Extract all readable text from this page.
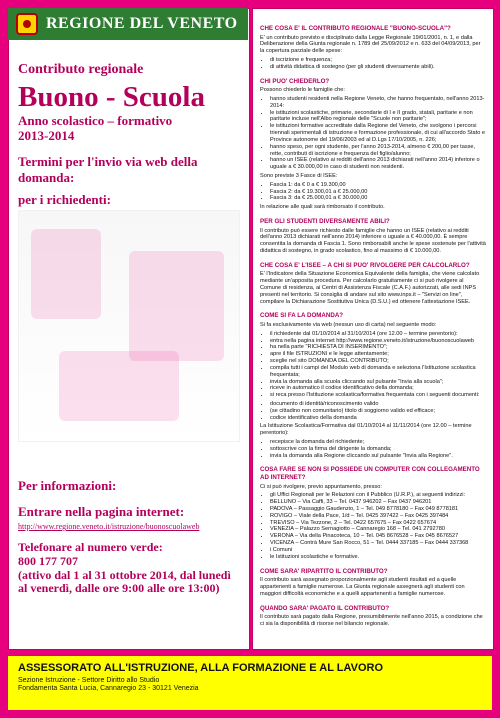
REGIONE DEL VENETO

Contributo regionale

Buono - Scuola

Anno scolastico – formativo
2013-2014

Termini per l'invio via web della domanda:
per i richiedenti:
Per informazioni:

Entrare nella pagina internet:

http://www.regione.veneto.it/istruzione/buonoscuolaweb

Telefonare al numero verde:
800 177 707
(attivo dal 1 al 31 ottobre 2014, dal lunedì al venerdì, dalle ore 9:00 alle ore 13:00)

CHE COSA E' IL CONTRIBUTO REGIONALE "BUONO-SCUOLA"?

E' un contributo previsto e disciplinato dalla Legge Regionale 19/01/2001, n. 1, e dalla Deliberazione della Giunta regionale n. 1789 del 25/09/2012 e n. 633 del 04/09/2013, per la copertura parziale delle spese:

• di iscrizione e frequenza;
• di attività didattica di sostegno (per gli studenti diversamente abili).
CHI PUO' CHIEDERLO?

Possono chiederlo le famiglie che:

• hanno studenti residenti nella Regione Veneto, che hanno frequentato, nell'anno 2013-2014:
• le istituzioni scolastiche, primarie, secondarie di I e II grado, statali, paritarie e non paritarie incluse nell'Albo regionale delle "Scuole non paritarie";
• le istituzioni formative accreditate dalla Regione del Veneto, che svolgono i percorsi triennali sperimentali di istruzione e formazione professionale, di cui all'accordo Stato e Province autonome del 19/06/2003 ed al D.Lgs 17/10/2005, n. 226;
• hanno speso, per ogni studente, per l'anno 2013-2014, almeno € 200,00 per tasse, rette, contributi di iscrizione e frequenza del figlio/alunno;
• hanno un ISEE (relativo ai redditi dell'anno 2013 dichiarati nell'anno 2014) inferiore o uguale a € 30.000,00 in caso di studenti non residenti.

Sono previste 3 Fasce di ISEE:

• Fascia 1: da € 0 a € 19.300,00
• Fascia 2: da € 19.300,01 a € 25.000,00
• Fascia 3: da € 25.000,01 a € 30.000,00

In relazione alle quali sarà rimborsato il contributo.

PER GLI STUDENTI DIVERSAMENTE ABILI?

Il contributo può essere richiesto dalle famiglie che hanno un ISEE (relativo ai redditi dell'anno 2013 dichiarati nell'anno 2014) inferiore o uguale a € 40.000,00. È sempre consentita la domanda di Fascia 1. Sono rimborsabili anche le spese sostenute per l'attività didattica di sostegno, in grado scolastico, fino al massimo di € 10.000,00.

CHE COSA E' L'ISEE – A CHI SI PUO' RIVOLGERE PER CALCOLARLO?

E' l'Indicatore della Situazione Economica Equivalente della famiglia, che viene calcolato mediante un'apposita procedura. Per calcolarlo gratuitamente ci si può rivolgere al Comune di residenza, ai Centri di Assistenza Fiscale (C.A.F.) autorizzati, alle sedi INPS presenti nel territorio. Si consiglia di andare sul sito www.inps.it – "Servizi on line", compilare la Dichiarazione Sostitutiva Unica (D.S.U.) ed ottenere l'attestazione ISEE.

COME SI FA LA DOMANDA?

Si fa esclusivamente via web (nessun uso di carta) nel seguente modo:

• il richiedente dal 01/10/2014 al 31/10/2014 (ore 12.00 – termine perentorio):
• entra nella pagina internet http://www.regione.veneto.it/istruzione/buonoscuolaweb
• ha nella parte "RICHIESTA DI INSERIMENTO";
• apre il file ISTRUZIONI e le legge attentamente;
• sceglie nel sito DOMANDA DEL CONTRIBUTO;
• compila tutti i campi del Modulo web di domanda e seleziona l'Istituzione scolastica frequentata;
• invia la domanda alla scuola cliccando sul pulsante "Invia alla scuola";
• riceve in automatico il codice identificativo della domanda;
• si reca presso l'Istituzione scolastica/formativa frequentata con i seguenti documenti:
• documento di identità/riconoscimento valido
• (se cittadino non comunitario) titolo di soggiorno valido ed efficace;
• codice identificativo della domanda

La Istituzione Scolastica/Formativa dal 01/10/2014 al 11/11/2014 (ore 12.00 – termine perentorio):

• recepisce la domanda del richiedente;
• sottoscrive con la firma del dirigente la domanda;
• invia la domanda alla Regione cliccando sul pulsante "Invia alla Regione".
COSA FARE SE NON SI POSSIEDE UN COMPUTER CON COLLEGAMENTO AD INTERNET?

Ci si può rivolgere, previo appuntamento, presso:

• gli Uffici Regionali per le Relazioni con il Pubblico (U.R.P.), ai seguenti indirizzi:
• BELLUNO – Via Caffi, 33 – Tel. 0437 946202 – Fax 0437 946201
• PADOVA – Passaggio Gaudenzio, 1 – Tel. 049 8778180 – Fax 049 8778181
• ROVIGO – Viale della Pace, 1/d – Tel. 0425 397422 – Fax 0425 397484
• TREVISO – Via Tezzone, 2 – Tel. 0422 657675 – Fax 0422 657674
• VENEZIA – Palazzo Sernagiotto – Cannaregio 168 – Tel. 041 2792780
• VERONA – Via della Pinacoteca, 10 – Tel. 045 8676528 – Fax 045 8676527
• VICENZA – Contrà Mure San Rocco, 51 – Tel. 0444 337185 – Fax 0444 337368
• i Comuni
• le Istituzioni scolastiche e formative.
COME SARA' RIPARTITO IL CONTRIBUTO?

Il contributo sarà assegnato proporzionalmente agli studenti risultati ed a quelle appartenenti a famiglie numerose. La Giunta regionale assegnerà agli studenti con maggiori difficoltà economiche e a quelli appartenenti a famiglie numerose.

QUANDO SARA' PAGATO IL CONTRIBUTO?

Il contributo sarà pagato dalla Regione, presumibilmente nell'anno 2015, a condizione che ci sia la disponibilità di risorse nel bilancio regionale.

ASSESSORATO ALL'ISTRUZIONE, ALLA FORMAZIONE E AL LAVORO

Sezione Istruzione - Settore Diritto allo Studio

Fondamenta Santa Lucia, Cannaregio 23 - 30121 Venezia
